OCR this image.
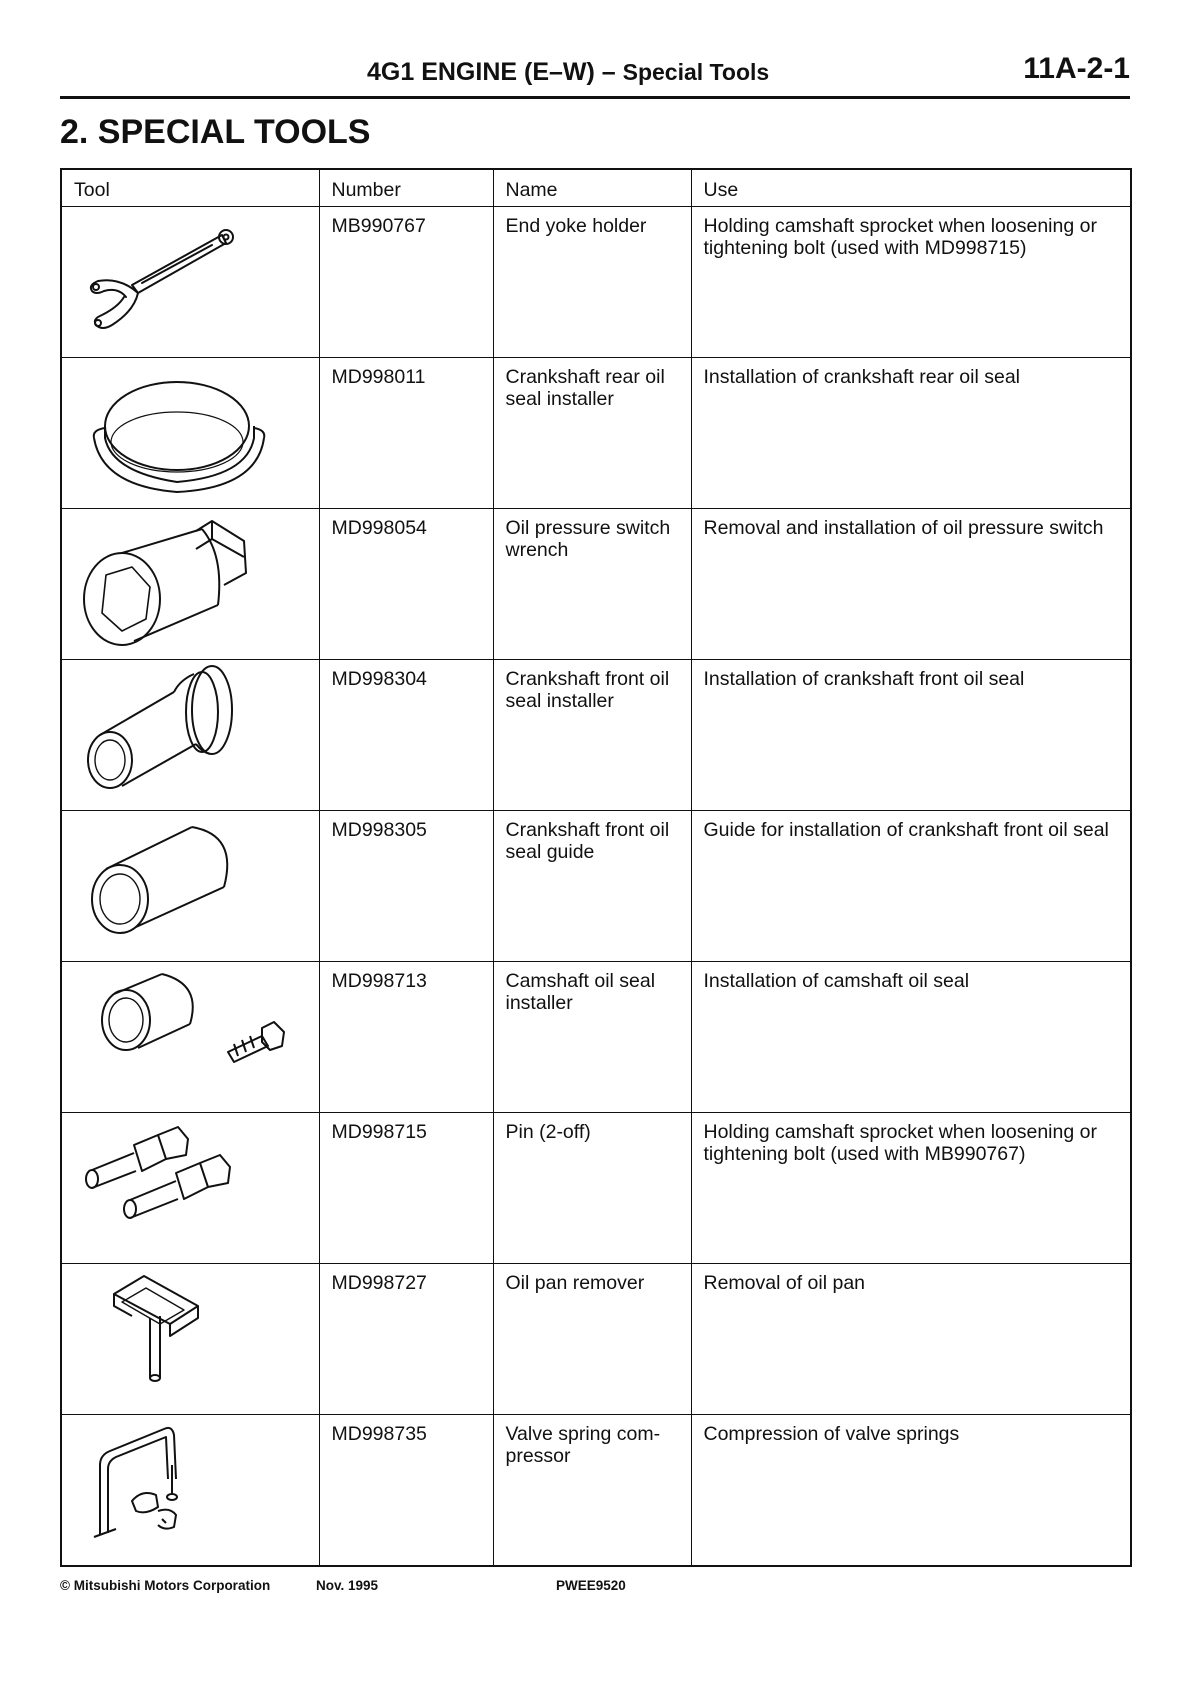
4G1 ENGINE (E–W) – Special Tools	11A-2-1
2. SPECIAL TOOLS
Tool	Number	Name	Use

	MB990767	End yoke holder	Holding camshaft sprocket when loosening or tightening bolt (used with MD998715)

	MD998011	Crankshaft rear oil seal installer	Installation of crankshaft rear oil seal

	MD998054	Oil pressure switch wrench	Removal and installation of oil pressure switch

	MD998304	Crankshaft front oil seal installer	Installation of crankshaft front oil seal

	MD998305	Crankshaft front oil seal guide	Guide for installation of crankshaft front oil seal

	MD998713	Camshaft oil seal installer	Installation of camshaft oil seal

	MD998715	Pin (2-off)	Holding camshaft sprocket when loosening or tightening bolt (used with MB990767)

	MD998727	Oil pan remover	Removal of oil pan

	MD998735	Valve spring com-pressor	Compression of valve springs
© Mitsubishi Motors Corporation	Nov. 1995	PWEE9520
